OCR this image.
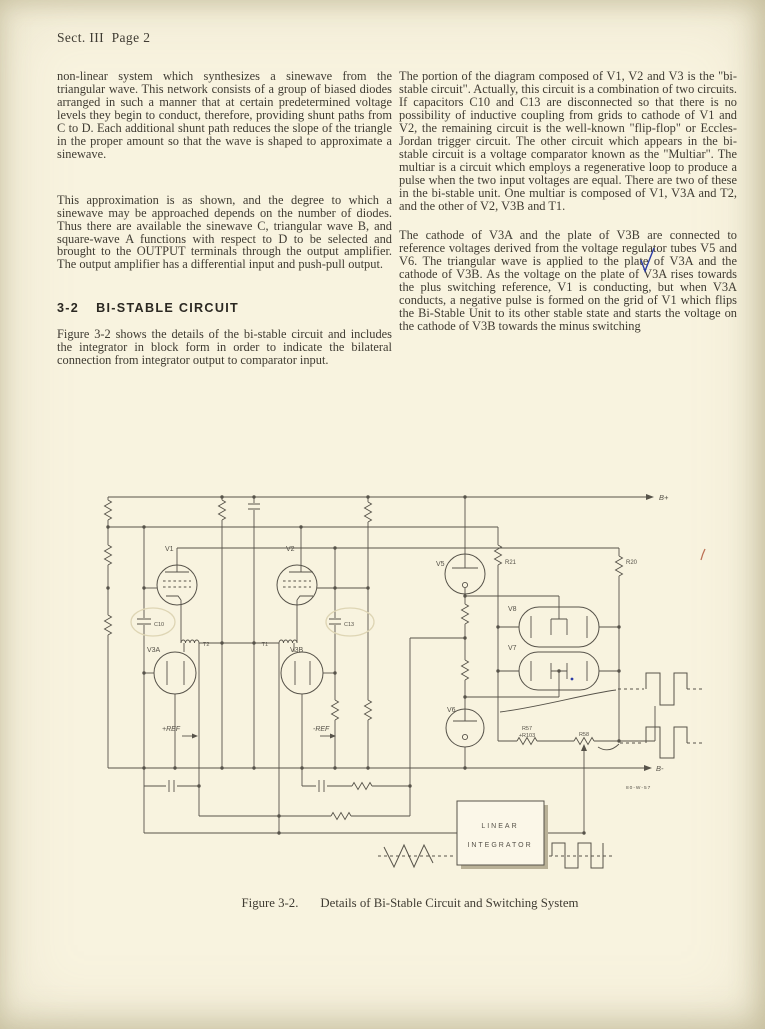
Sect. III  Page 2

non-linear system which synthesizes a sinewave from the triangular wave. This network consists of a group of biased diodes arranged in such a manner that at certain predetermined voltage levels they begin to conduct, therefore, providing shunt paths from C to D. Each additional shunt path reduces the slope of the triangle in the proper amount so that the wave is shaped to approximate a sinewave.

This approximation is as shown, and the degree to which a sinewave may be approached depends on the number of diodes. Thus there are available the sinewave C, triangular wave B, and square-wave A functions with respect to D to be selected and brought to the OUTPUT terminals through the output amplifier. The output amplifier has a differential input and push-pull output.

3-2 BI-STABLE CIRCUIT

Figure 3-2 shows the details of the bi-stable circuit and includes the integrator in block form in order to indicate the bilateral connection from integrator output to comparator input.

The portion of the diagram composed of V1, V2 and V3 is the "bi-stable circuit". Actually, this circuit is a combination of two circuits. If capacitors C10 and C13 are disconnected so that there is no possibility of inductive coupling from grids to cathode of V1 and V2, the remaining circuit is the well-known "flip-flop" or Eccles-Jordan trigger circuit. The other circuit which appears in the bi-stable circuit is a voltage comparator known as the "Multiar". The multiar is a circuit which employs a regenerative loop to produce a pulse when the two input voltages are equal. There are two of these in the bi-stable unit. One multiar is composed of V1, V3A and T2, and the other of V2, V3B and T1.

The cathode of V3A and the plate of V3B are connected to reference voltages derived from the voltage regulator tubes V5 and V6. The triangular wave is applied to the plate of V3A and the cathode of V3B. As the voltage on the plate of V3A rises towards the plus switching reference, V1 is conducting, but when V3A conducts, a negative pulse is formed on the grid of V1 which flips the Bi-Stable Unit to its other stable state and starts the voltage on the cathode of V3B towards the minus switching

B+
B-
80-W-57
C10	C13
V1	V2
T2	T1
V3A
+REF
V3B
-REF
V5
V6
R21	R20
V8
V7
R57
+R103	R58
LINEAR
INTEGRATOR
Figure 3-2. Details of Bi-Stable Circuit and Switching System
